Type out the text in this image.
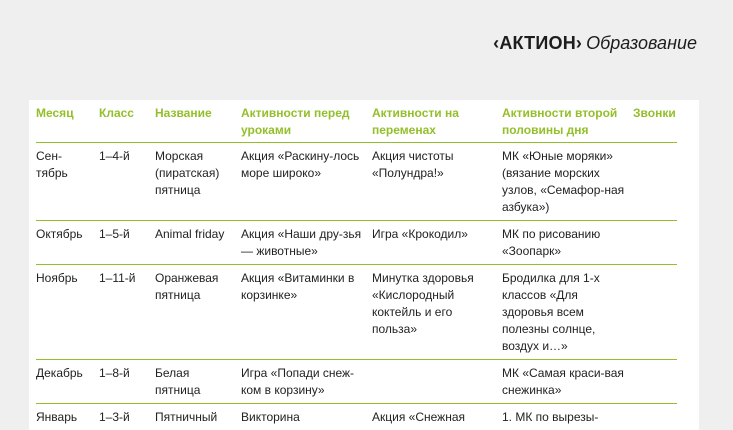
‹АКТИОН› Образование
Месяц	Класс	Название	Активности перед уроками	Активности на переменах	Активности второй половины дня	Звонки
Сен-тябрь	1–4-й	Морская (пиратская) пятница	Акция «Раскину-лось море широко»	Акция чистоты «Полундра!»	МК «Юные моряки» (вязание морских узлов, «Семафор-ная азбука»)	
Октябрь	1–5-й	Animal friday	Акция «Наши дру-зья — животные»	Игра «Крокодил»	МК по рисованию «Зоопарк»	
Ноябрь	1–11-й	Оранжевая пятница	Акция «Витаминки в корзинке»	Минутка здоровья «Кислородный коктейль и его польза»	Бродилка для 1-х классов «Для здоровья всем полезны солнце, воздух и…»	
Декабрь	1–8-й	Белая пятница	Игра «Попади снеж-ком в корзину»		МК «Самая краси-вая снежинка»	
Январь	1–3-й	Пятничный	Викторина	Акция «Снежная	1. МК по вырезы-	
